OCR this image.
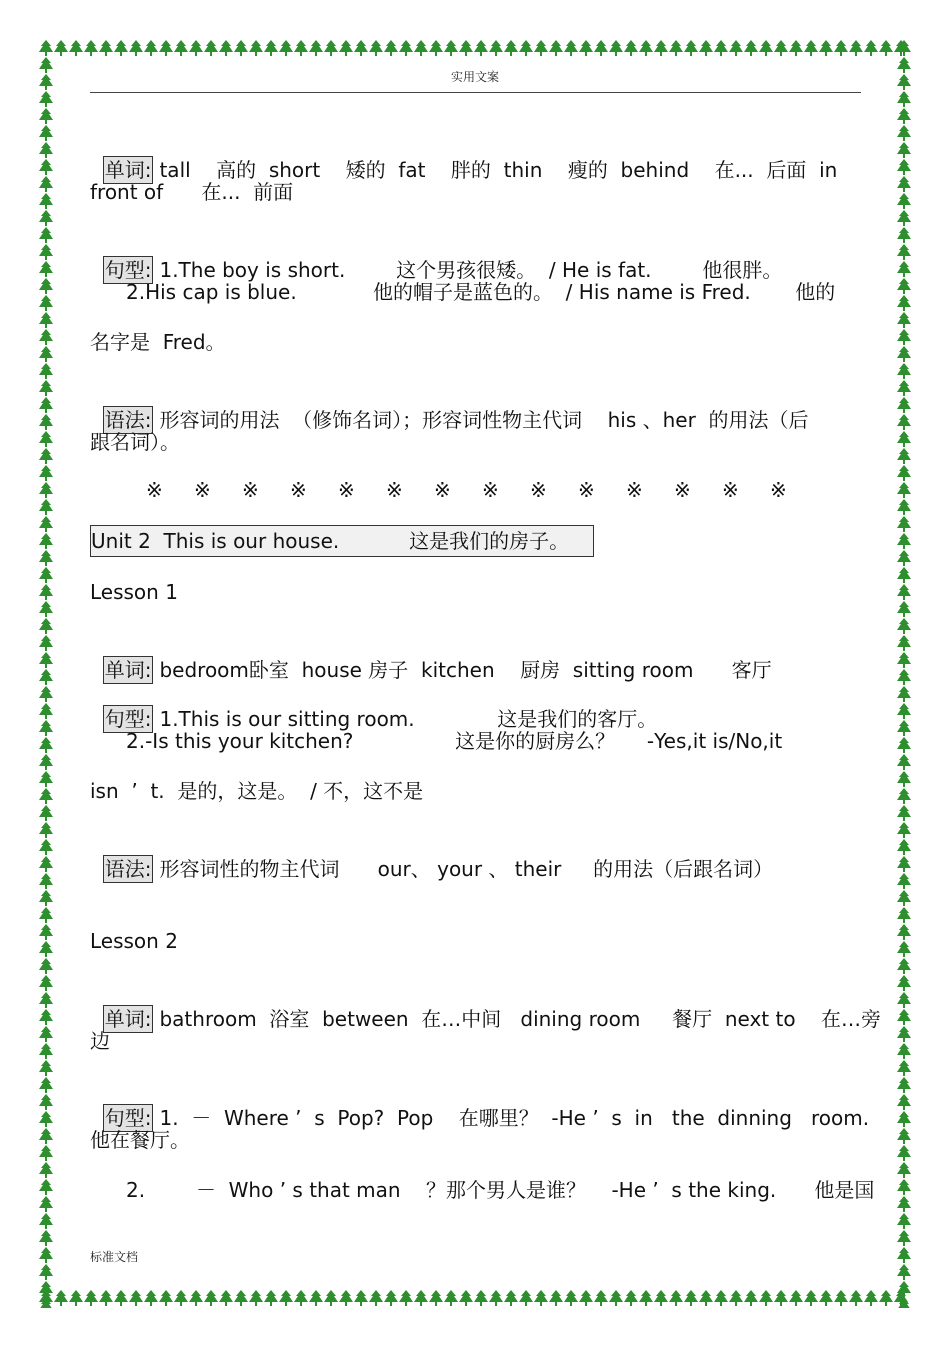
实用文案

单词: tall    高的  short    矮的  fat    胖的  thin    瘦的  behind    在...  后面  in

front of      在...  前面

句型: 1.The boy is short.        这个男孩很矮。  / He is fat.        他很胖。

2.His cap is blue.            他的帽子是蓝色的。  / His name is Fred.       他的
名字是  Fred。

语法: 形容词的用法  （修饰名词）；形容词性物主代词    his 、her  的用法（后

跟名词）。
※ ※ ※ ※ ※ ※ ※ ※ ※ ※ ※ ※ ※ ※
Unit 2  This is our house.           这是我们的房子。
Lesson 1

单词: bedroom卧室  house 房子  kitchen    厨房  sitting room      客厅

句型: 1.This is our sitting room.             这是我们的客厅。

2.-Is this your kitchen?                这是你的厨房么？     -Yes,it is/No,it
isn  ’  t.  是的，这是。  / 不，这不是

语法: 形容词性的物主代词      our、 your 、 their     的用法（后跟名词）

Lesson 2

单词: bathroom  浴室  between  在…中间   dining room     餐厅  next to    在…旁

边

句型: 1.  －  Where ’  s  Pop?  Pop    在哪里？  -He ’  s  in   the  dinning   room.

他在餐厅。
2.        －  Who ’ s that man    ？那个男人是谁？    -He ’  s the king.      他是国
标准文档
